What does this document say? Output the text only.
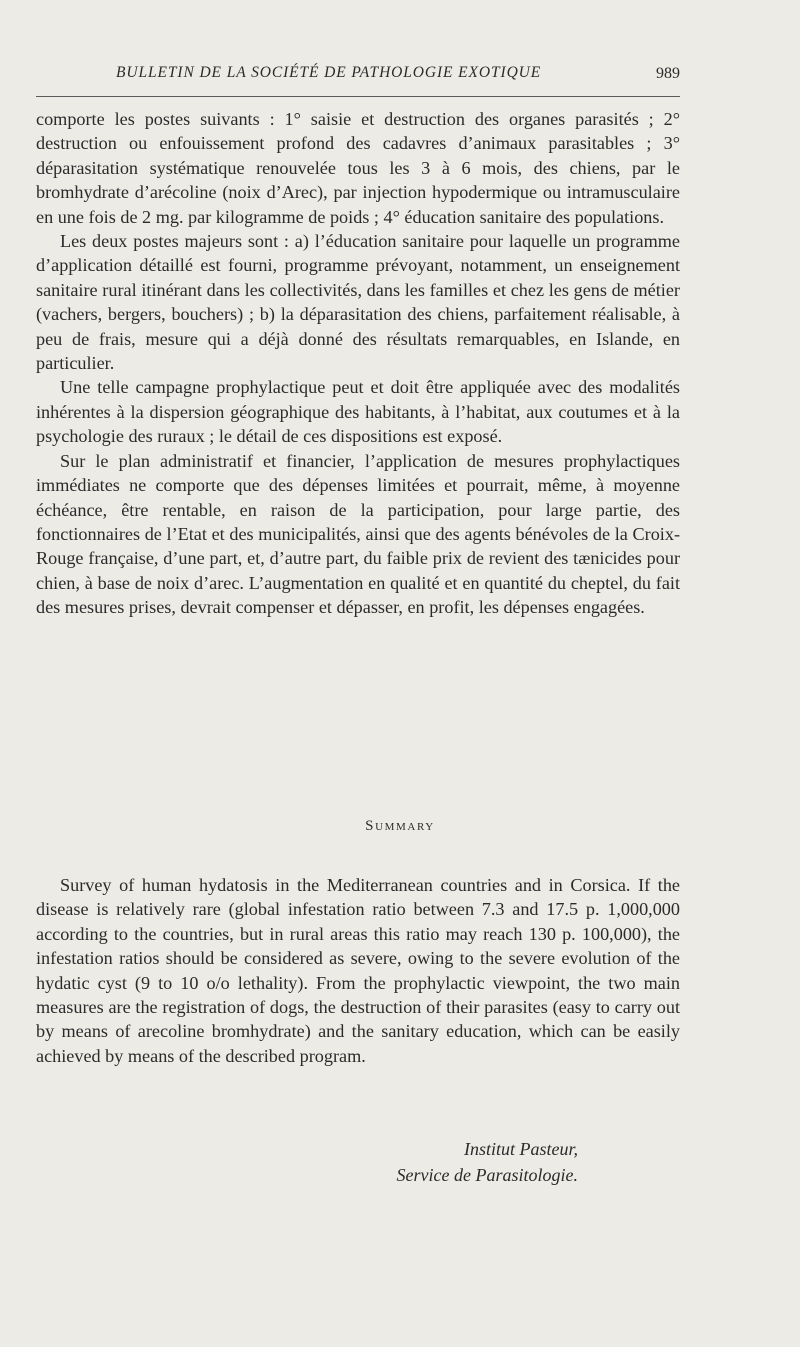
BULLETIN DE LA SOCIÉTÉ DE PATHOLOGIE EXOTIQUE	989

comporte les postes suivants : 1° saisie et destruction des organes parasités ; 2° destruction ou enfouissement profond des cadavres d’animaux parasitables ; 3° déparasitation systématique renouvelée tous les 3 à 6 mois, des chiens, par le bromhydrate d’arécoline (noix d’Arec), par injection hypodermique ou intramusculaire en une fois de 2 mg. par kilogramme de poids ; 4° éducation sanitaire des populations.

Les deux postes majeurs sont : a) l’éducation sanitaire pour laquelle un programme d’application détaillé est fourni, programme prévoyant, notamment, un enseignement sanitaire rural itinérant dans les collectivités, dans les familles et chez les gens de métier (vachers, bergers, bouchers) ; b) la déparasitation des chiens, parfaitement réalisable, à peu de frais, mesure qui a déjà donné des résultats remarquables, en Islande, en particulier.

Une telle campagne prophylactique peut et doit être appliquée avec des modalités inhérentes à la dispersion géographique des habitants, à l’habitat, aux coutumes et à la psychologie des ruraux ; le détail de ces dispositions est exposé.

Sur le plan administratif et financier, l’application de mesures prophylactiques immédiates ne comporte que des dépenses limitées et pourrait, même, à moyenne échéance, être rentable, en raison de la participation, pour large partie, des fonctionnaires de l’Etat et des municipalités, ainsi que des agents bénévoles de la Croix-Rouge française, d’une part, et, d’autre part, du faible prix de revient des tænicides pour chien, à base de noix d’arec. L’augmentation en qualité et en quantité du cheptel, du fait des mesures prises, devrait compenser et dépasser, en profit, les dépenses engagées.

Summary

Survey of human hydatosis in the Mediterranean countries and in Corsica. If the disease is relatively rare (global infestation ratio between 7.3 and 17.5 p. 1,000,000 according to the countries, but in rural areas this ratio may reach 130 p. 100,000), the infestation ratios should be considered as severe, owing to the severe evolution of the hydatic cyst (9 to 10 o/o lethality). From the prophylactic viewpoint, the two main measures are the registration of dogs, the destruction of their parasites (easy to carry out by means of arecoline bromhydrate) and the sanitary education, which can be easily achieved by means of the described program.

Institut Pasteur,
Service de Parasitologie.
